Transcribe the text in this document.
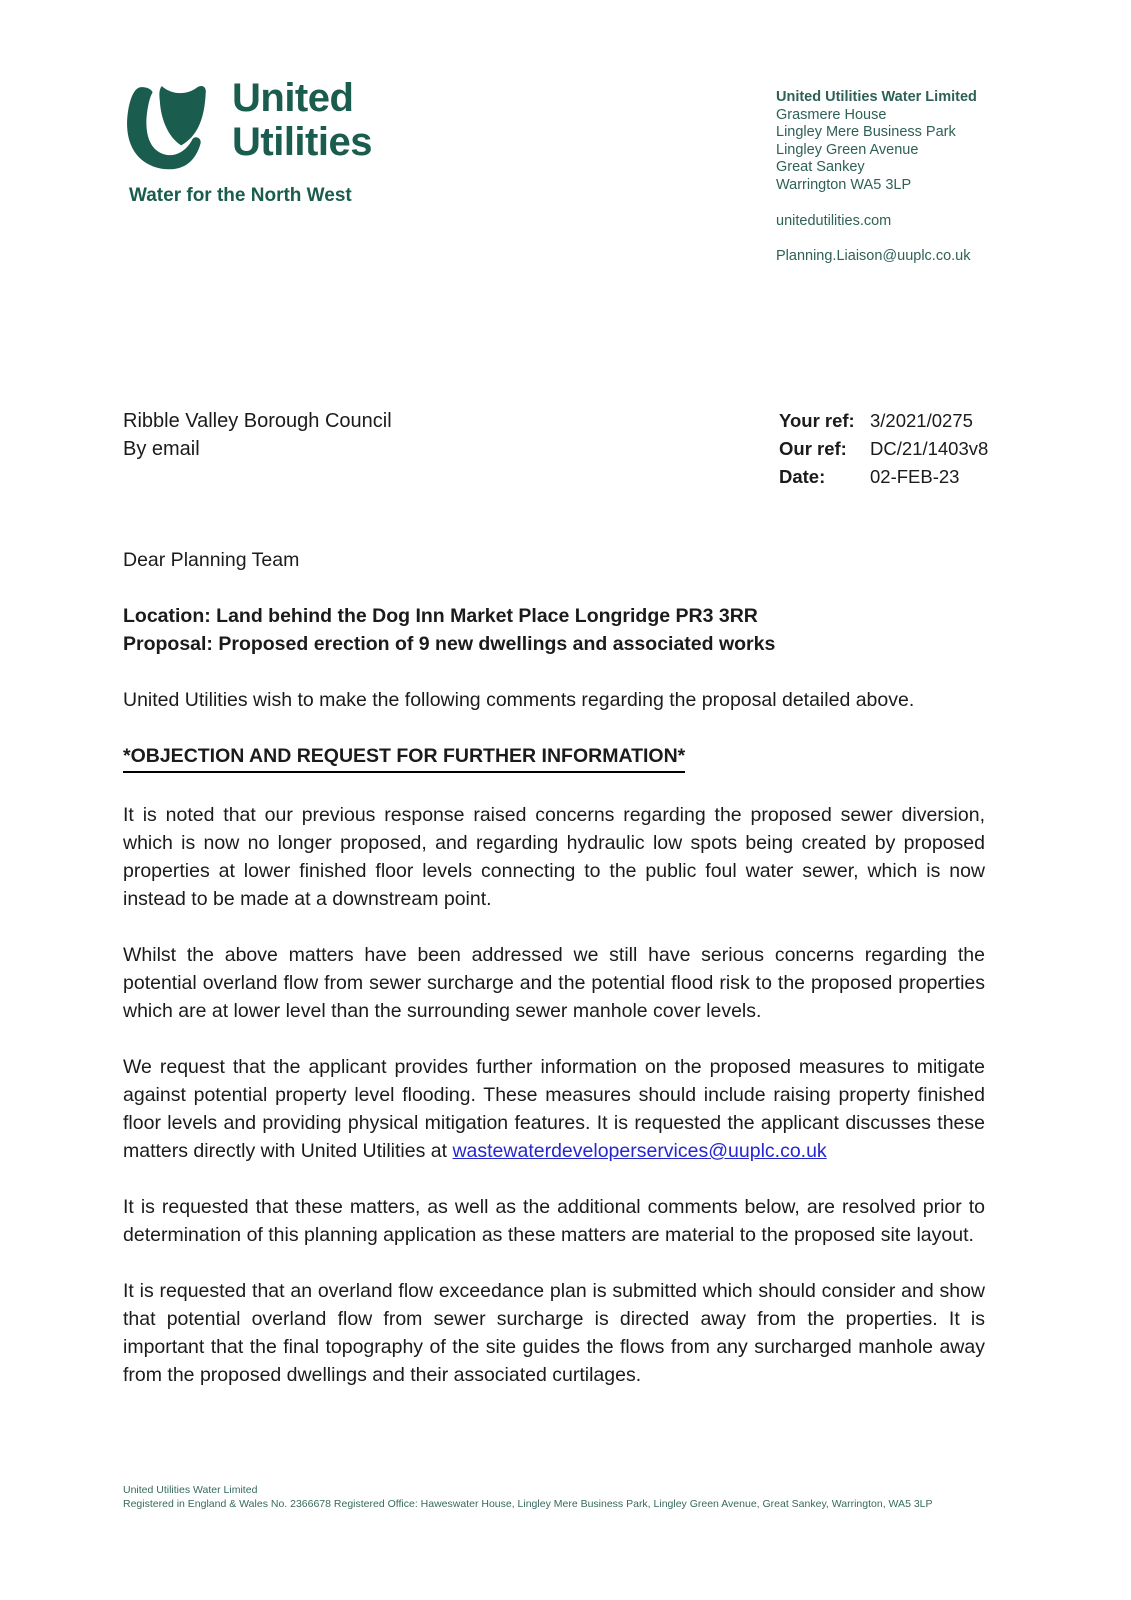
United
Utilities
Water for the North West
United Utilities Water Limited
Grasmere House
Lingley Mere Business Park
Lingley Green Avenue
Great Sankey
Warrington WA5 3LP
unitedutilities.com
Planning.Liaison@uuplc.co.uk
Ribble Valley Borough Council
By email
Your ref: 3/2021/0275
Our ref:	DC/21/1403v8
Date:	02-FEB-23
Dear Planning Team
Location: Land behind the Dog Inn Market Place Longridge PR3 3RR
Proposal: Proposed erection of 9 new dwellings and associated works
United Utilities wish to make the following comments regarding the proposal detailed above.
*OBJECTION AND REQUEST FOR FURTHER INFORMATION*

It is noted that our previous response raised concerns regarding the proposed sewer diversion, which is now no longer proposed, and regarding hydraulic low spots being created by proposed properties at lower finished floor levels connecting to the public foul water sewer, which is now instead to be made at a downstream point.

Whilst the above matters have been addressed we still have serious concerns regarding the potential overland flow from sewer surcharge and the potential flood risk to the proposed properties which are at lower level than the surrounding sewer manhole cover levels.

We request that the applicant provides further information on the proposed measures to mitigate against potential property level flooding. These measures should include raising property finished floor levels and providing physical mitigation features. It is requested the applicant discusses these matters directly with United Utilities at wastewaterdeveloperservices@uuplc.co.uk

It is requested that these matters, as well as the additional comments below, are resolved prior to determination of this planning application as these matters are material to the proposed site layout.

It is requested that an overland flow exceedance plan is submitted which should consider and show that potential overland flow from sewer surcharge is directed away from the properties. It is important that the final topography of the site guides the flows from any surcharged manhole away from the proposed dwellings and their associated curtilages.

United Utilities Water Limited
Registered in England & Wales No. 2366678 Registered Office: Haweswater House, Lingley Mere Business Park, Lingley Green Avenue, Great Sankey, Warrington, WA5 3LP
